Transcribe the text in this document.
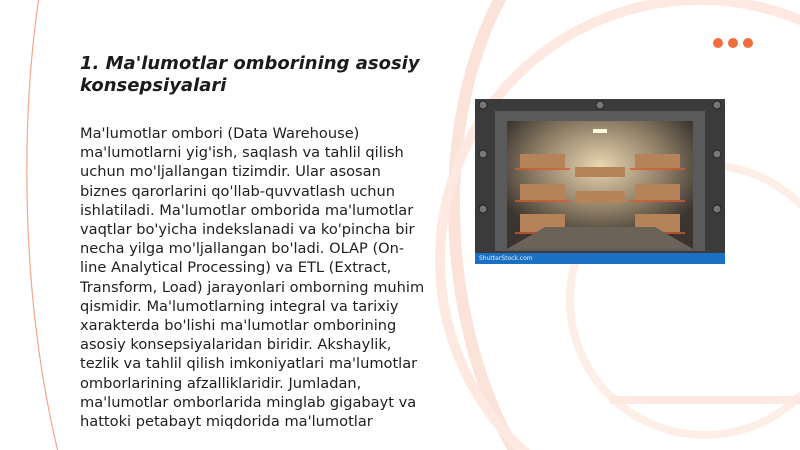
1. Ma'lumotlar omborining asosiy konsepsiyalari

Ma'lumotlar ombori (Data Warehouse) ma'lumotlarni yig'ish, saqlash va tahlil qilish uchun mo'ljallangan tizimdir. Ular asosan biznes qarorlarini qo'llab-quvvatlash uchun ishlatiladi. Ma'lumotlar omborida ma'lumotlar vaqtlar bo'yicha indekslanadi va ko'pincha bir necha yilga mo'ljallangan bo'ladi. OLAP (On-line Analytical Processing) va ETL (Extract, Transform, Load) jarayonlari omborning muhim qismidir. Ma'lumotlarning integral va tarixiy xarakterda bo'lishi ma'lumotlar omborining asosiy konsepsiyalaridan biridir. Akshaylik, tezlik va tahlil qilish imkoniyatlari ma'lumotlar omborlarining afzalliklaridir. Jumladan, ma'lumotlar omborlarida minglab gigabayt va hattoki petabayt miqdorida ma'lumotlar

ShutterStock.com
